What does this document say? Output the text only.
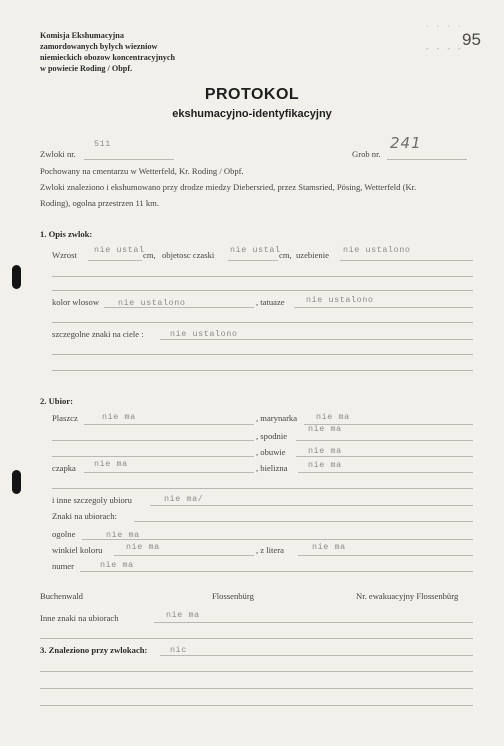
Komisja Ekshumacyjna
zamordowanych bylych wiezniow
niemieckich obozow koncentracyjnych
w powiecie Roding / Obpf.
· · · ·
- - - -
95
PROTOKOL
ekshumacyjno-identyfikacyjny
Zwloki nr.
511
Grob nr.
241
Pochowany na cmentarzu w Wetterfeld, Kr. Roding / Obpf.
Zwloki znaleziono i ekshumowano przy drodze miedzy Diebersried, przez Stamsried, Pösing, Wetterfeld (Kr.
Roding), ogolna przestrzen 11 km.
1. Opis zwlok:
Wzrost nie ustal
cm, objetosc czaski nie ustal
cm, uzebienie nie ustalono
kolor wlosow nie ustalono	, tatuaze	nie ustalono
szczegolne znaki na ciele :	nie ustalono
2. Ubior:
Plaszcz	nie ma	, marynarka nie ma
, spodnie
nie ma
, obuwie	nie ma
czapka nie ma	, bielizna nie ma
i inne szczegoly ubioru	nie ma/
Znaki na ubiorach:
ogolne	nie ma
winkiel koloru	nie ma	, z litera	nie ma
numer	nie ma
Buchenwald	Flossenbürg	Nr. ewakuacyjny Flossenbürg
Inne znaki na ubiorach	nie ma
3. Znaleziono przy zwlokach:	nic
